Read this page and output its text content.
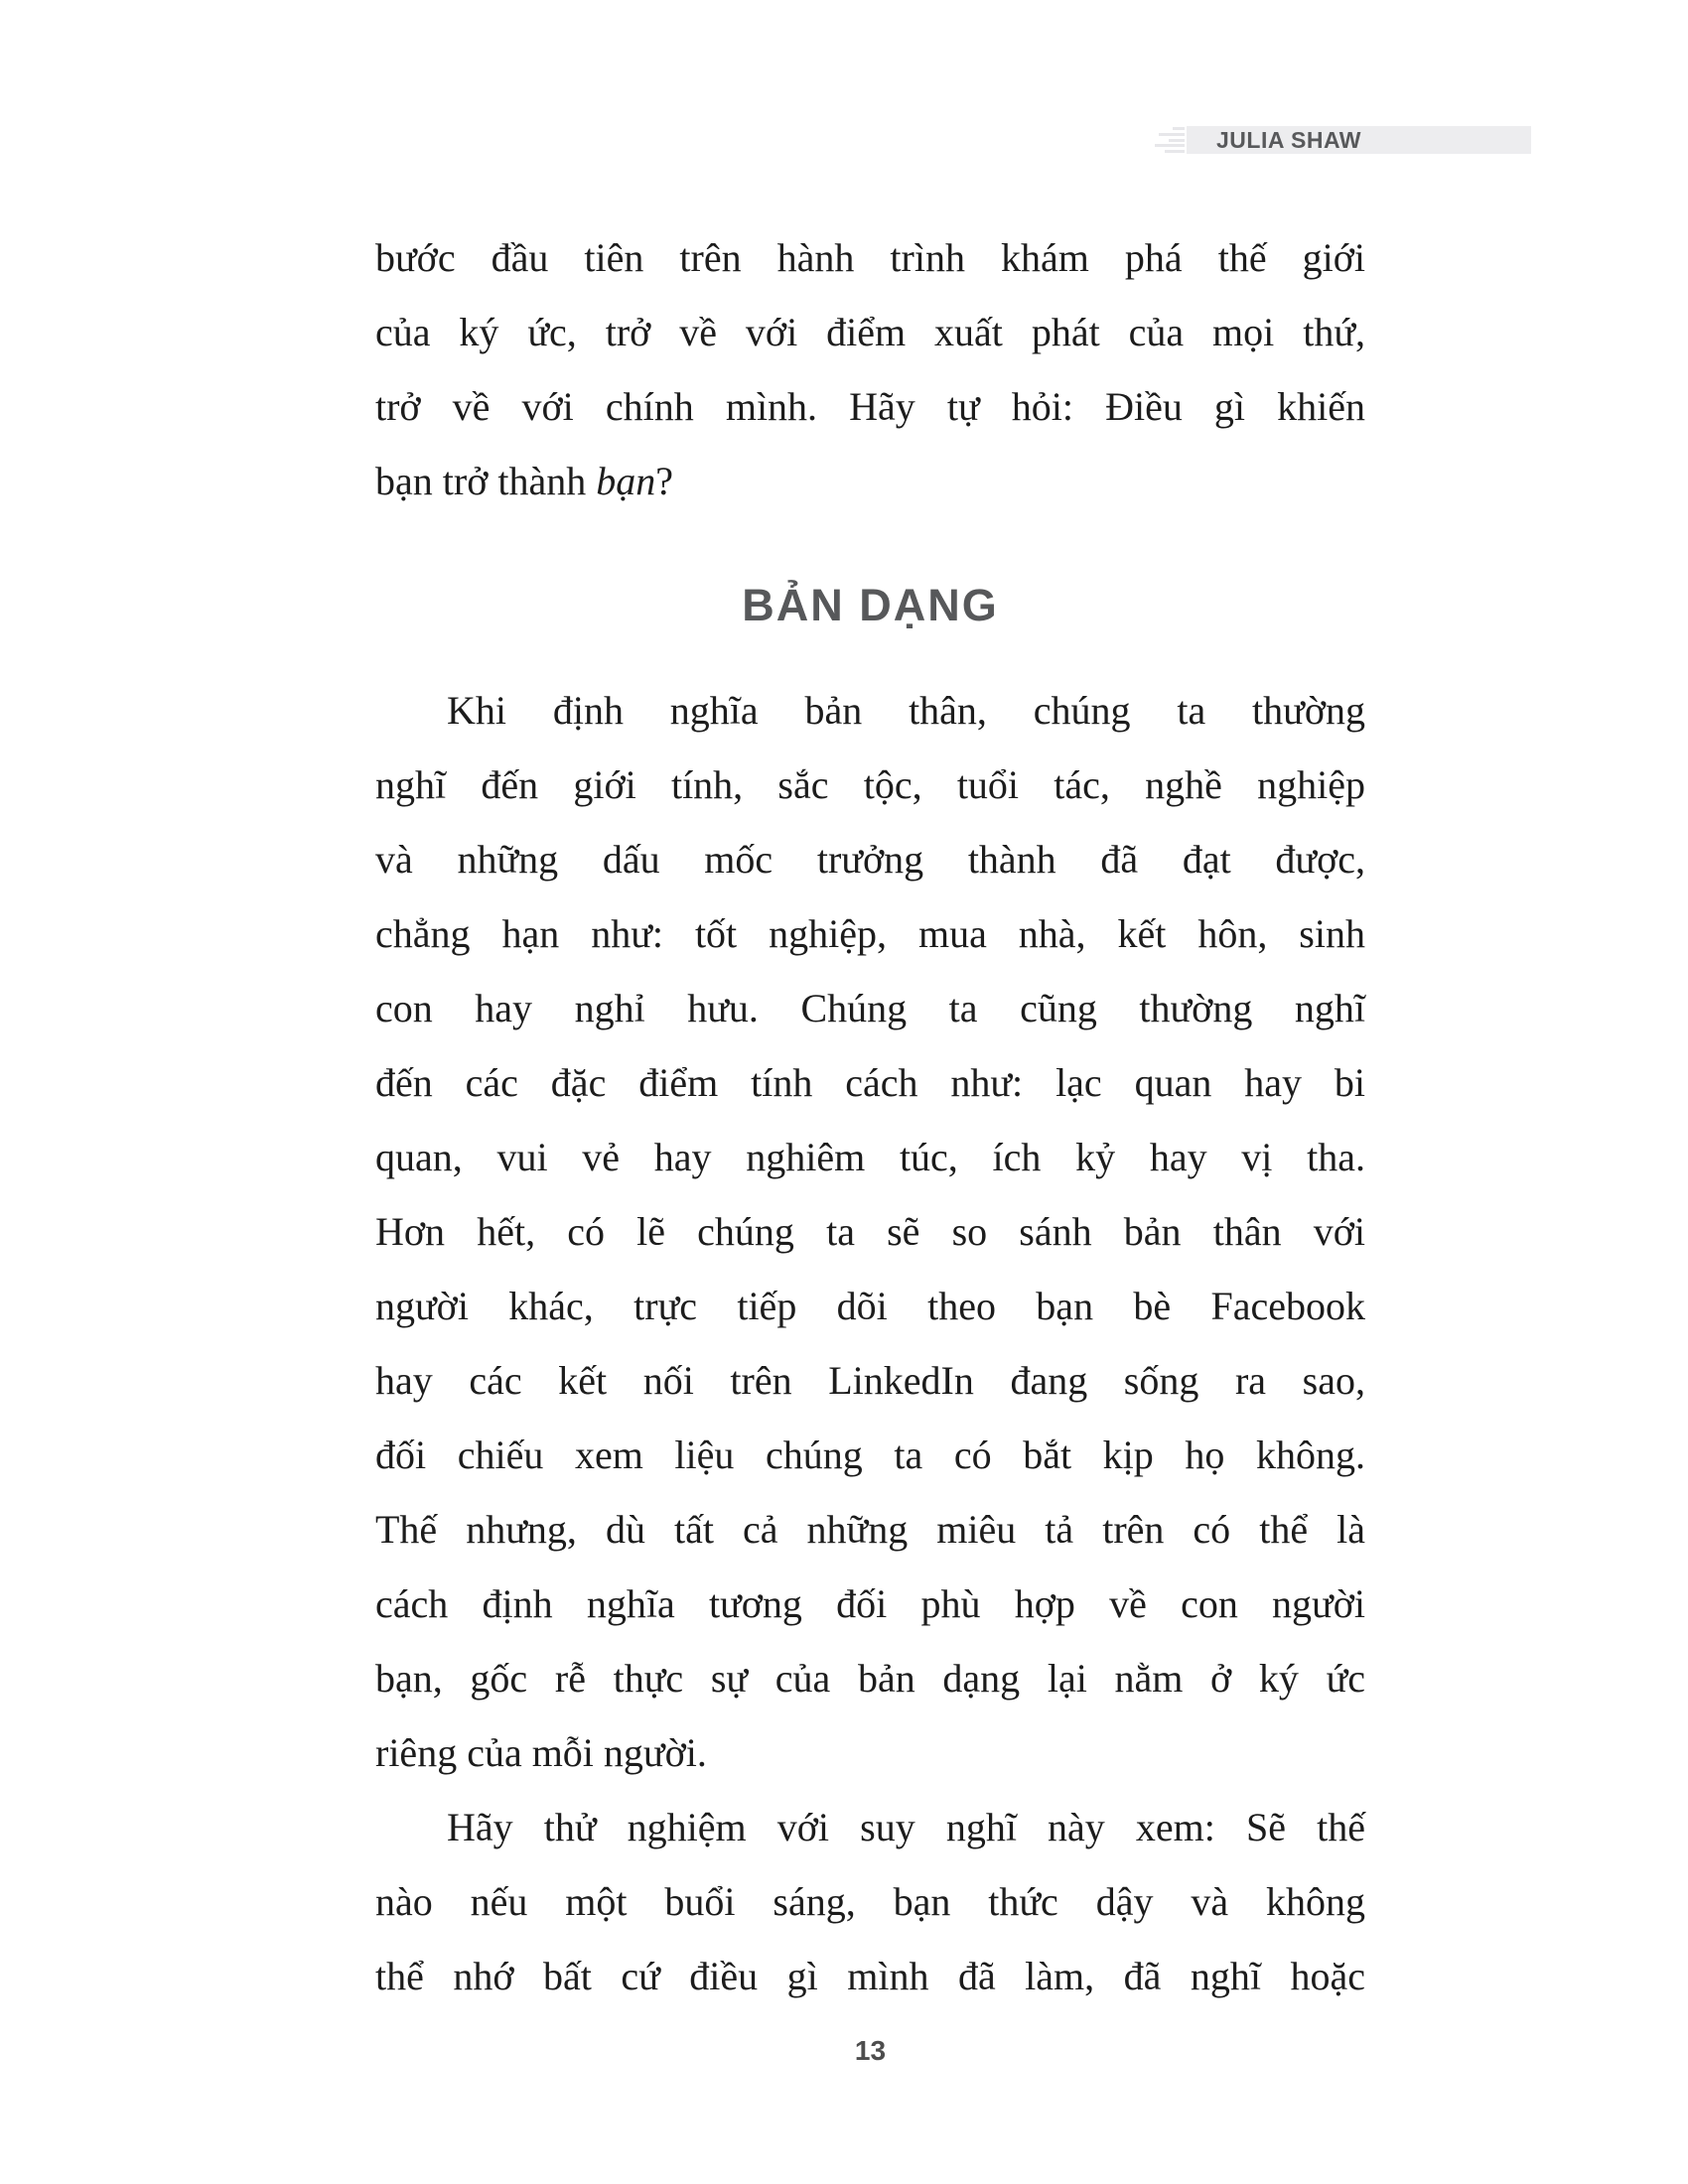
JULIA SHAW
bước đầu tiên trên hành trình khám phá thế giới
của ký ức, trở về với điểm xuất phát của mọi thứ,
trở về với chính mình. Hãy tự hỏi: Điều gì khiến
bạn trở thành bạn?
BẢN DẠNG
Khi định nghĩa bản thân, chúng ta thường
nghĩ đến giới tính, sắc tộc, tuổi tác, nghề nghiệp
và những dấu mốc trưởng thành đã đạt được,
chẳng hạn như: tốt nghiệp, mua nhà, kết hôn, sinh
con hay nghỉ hưu. Chúng ta cũng thường nghĩ
đến các đặc điểm tính cách như: lạc quan hay bi
quan, vui vẻ hay nghiêm túc, ích kỷ hay vị tha.
Hơn hết, có lẽ chúng ta sẽ so sánh bản thân với
người khác, trực tiếp dõi theo bạn bè Facebook
hay các kết nối trên LinkedIn đang sống ra sao,
đối chiếu xem liệu chúng ta có bắt kịp họ không.
Thế nhưng, dù tất cả những miêu tả trên có thể là
cách định nghĩa tương đối phù hợp về con người
bạn, gốc rễ thực sự của bản dạng lại nằm ở ký ức
riêng của mỗi người.
Hãy thử nghiệm với suy nghĩ này xem: Sẽ thế
nào nếu một buổi sáng, bạn thức dậy và không
thể nhớ bất cứ điều gì mình đã làm, đã nghĩ hoặc
13
